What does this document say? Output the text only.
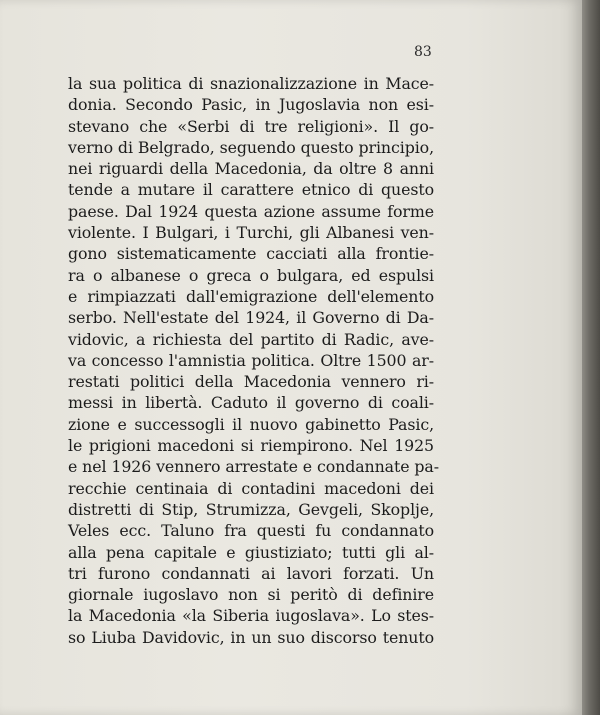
83
la sua politica di snazionalizzazione in Mace-
donia. Secondo Pasic, in Jugoslavia non esi-
stevano che «Serbi di tre religioni». Il go-
verno di Belgrado, seguendo questo principio,
nei riguardi della Macedonia, da oltre 8 anni
tende a mutare il carattere etnico di questo
paese. Dal 1924 questa azione assume forme
violente. I Bulgari, i Turchi, gli Albanesi ven-
gono sistematicamente cacciati alla frontie-
ra o albanese o greca o bulgara, ed espulsi
e rimpiazzati dall'emigrazione dell'elemento
serbo. Nell'estate del 1924, il Governo di Da-
vidovic, a richiesta del partito di Radic, ave-
va concesso l'amnistia politica. Oltre 1500 ar-
restati politici della Macedonia vennero ri-
messi in libertà. Caduto il governo di coali-
zione e successogli il nuovo gabinetto Pasic,
le prigioni macedoni si riempirono. Nel 1925
e nel 1926 vennero arrestate e condannate pa-
recchie centinaia di contadini macedoni dei
distretti di Stip, Strumizza, Gevgeli, Skoplje,
Veles ecc. Taluno fra questi fu condannato
alla pena capitale e giustiziato; tutti gli al-
tri furono condannati ai lavori forzati. Un
giornale iugoslavo non si peritò di definire
la Macedonia «la Siberia iugoslava». Lo stes-
so Liuba Davidovic, in un suo discorso tenuto
